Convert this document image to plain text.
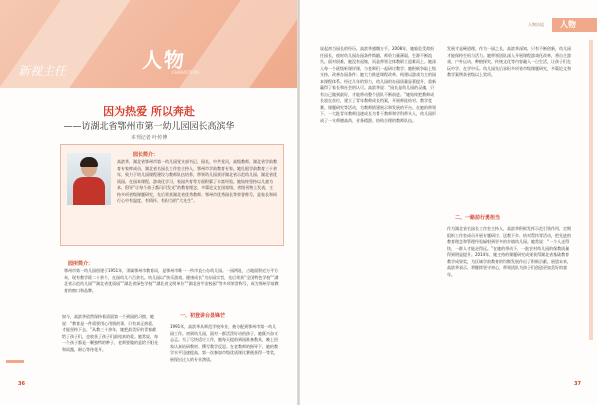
新视主任	人物
CHARACTERS
因为热爱 所以奔赴
——访湖北省鄂州市第一幼儿园园长高滨华
本刊记者 叶传博
园长简介：
高滨华，湖北省鄂州市第一幼儿园党支部书记、园长，中共党员，高级教师，湖北省学前教育专家库成员、湖北省名园长工作室主持人，鄂州市学前教育专家。她扎根学前教育三十余年，致力于幼儿园课程建设与教师队伍培养，带领幼儿园获评湖北省示范幼儿园、湖北省优质园，在园本课程、游戏化学习、家园共育等方面积累了丰富经验。她始终坚持以儿童为本，倡导“让每个孩子都闪闪发光”的教育理念，多篇论文在国家级、省级刊物上发表，主持多项省级课题研究，先后荣获湖北省优秀教师、鄂州市优秀园长等荣誉称号，是家长和同行心中有温度、有情怀、有担当的“大先生”。
园所简介：
鄂州市第一幼儿园创建于1951年，隶属鄂州市教育局，是鄂州市唯一一所市直公办幼儿园。一园两址，占地面积近万平方米，现有教学班二十余个，在园幼儿六百余名。幼儿园以“快乐游戏、健康成长”为办园宗旨，先后荣获“全国特色学校”“湖北省示范幼儿园”“湖北省优质园”“湖北省绿色学校”“湖北省文明单位”“湖北省平安校园”等多项荣誉称号，成为鄂州学前教育的窗口和品牌。
如今，高滨华依然保持着清晨第一个到园的习惯，她说：“教育是一件需要用心用情的事，只有真正热爱，才能坚持下去。”从教三十余年，她把最美好的青春献给了孩子们，也收获了孩子们最纯真的爱。她常说，每一个孩子都是一颗独特的种子，老师要做的是给予阳光和雨露，耐心等待花开。
一、初登讲台显锋芒
1991年，高滨华从师范学校毕业，被分配到鄂州市第一幼儿园工作。初到幼儿园，面对一群活泼好动的孩子，她既兴奋又忐忑。为了尽快适应工作，她每天提前到园准备教具，晚上回家认真钻研教材、撰写教学反思。在老教师的指导下，她的教学水平迅速提高，第一次参加市级优质课比赛便获得一等奖，展现出过人的专业潜质。
36
人物访谈 人物
说起初当园长的经历，高滨华感慨万千。2008年，她临危受命担任园长，彼时幼儿园办园条件简陋，师资力量薄弱，生源不断流失。面对困难，她没有退缩，而是带领全体教职工迎难而上。她深入每一个班级听课评课，与老师们一起研讨教学；她积极争取上级支持，改善办园条件；她大力推进课程改革，构建以游戏为主的园本课程体系。经过几年的努力，幼儿园的办园质量显著提升，重新赢得了家长和社会的认可。高滨华说：“园长是幼儿园的灵魂，只有自己做到最好，才能带动整个团队不断前进。”她始终把教师成长放在首位，建立了青年教师成长档案，开展师徒结对、教学竞赛、课题研究等活动，为教师搭建展示和发展的平台。在她的带领下，一大批青年教师迅速成长为骨干教师和学科带头人，幼儿园形成了一支师德高尚、业务精湛、结构合理的教师队伍。
发展才是硬道理。作为一园之长，高滨华深知，只有不断创新，幼儿园才能保持生机与活力。她带领团队深入开展课程游戏化改革，将自主游戏、户外运动、种植探究、传统文化等内容融入一日生活，让孩子们在玩中学、在学中乐。幼儿园先后承担多项省市级课题研究，多篇论文和教学案例获省级以上奖项。
二、一路前行勇担当
作为湖北省名园长工作室主持人，高滨华积极发挥示范引领作用，定期组织工作室成员开展专题研讨、送教下乡、结对帮扶等活动，把先进的教育理念和管理经验辐射到更多的乡镇幼儿园。她常说：“一个人走得快，一群人才能走得远。”在她的带动下，一批农村幼儿园的保教质量得到明显提升。2014年，她主持的课题研究成果获得湖北省基础教育教学成果奖，为区域学前教育的均衡发展作出了积极贡献。展望未来，高滨华表示，将继续坚守初心，带领团队为孩子们创造更加美好的童年。
37
